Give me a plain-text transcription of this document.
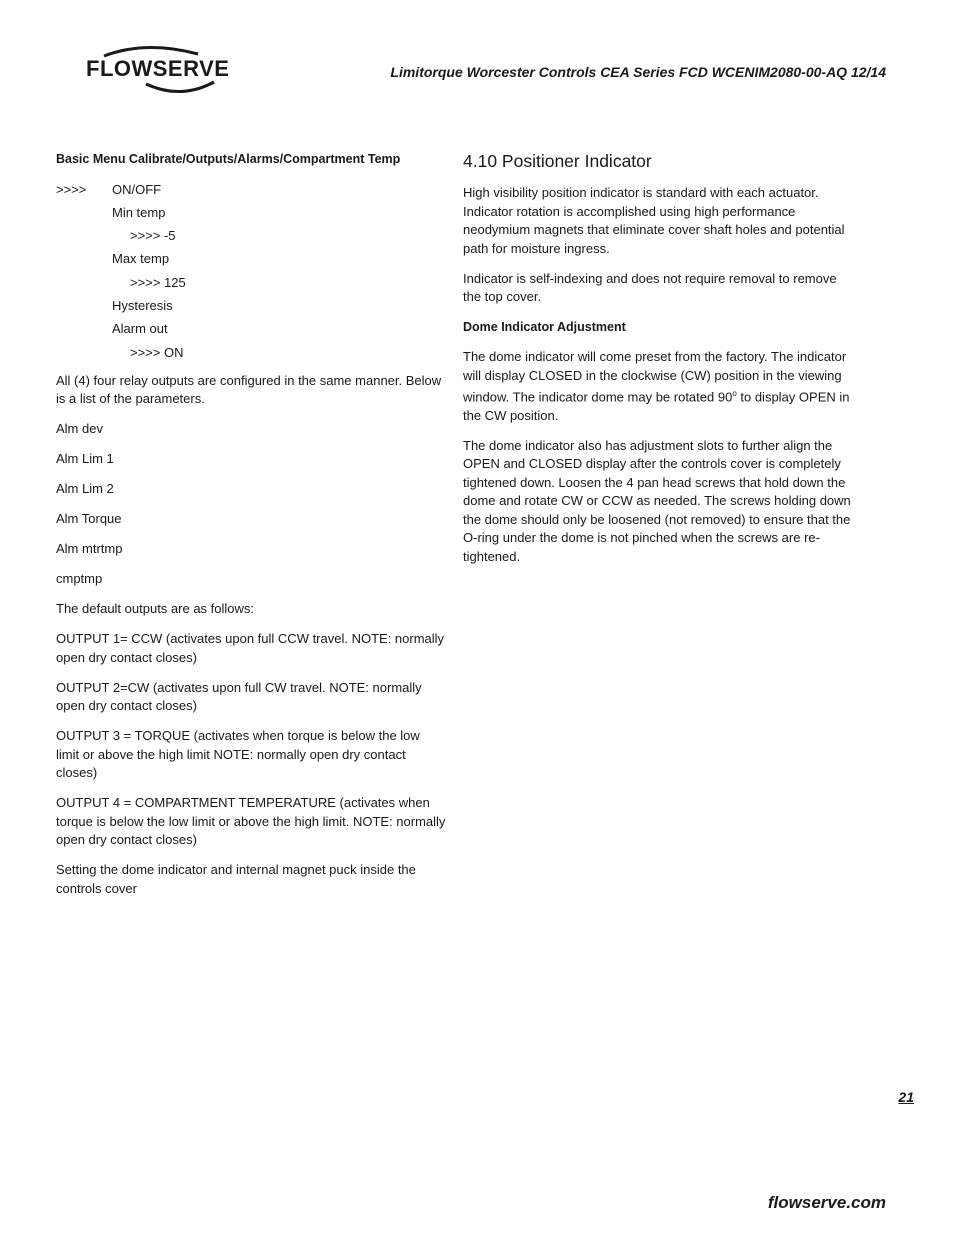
FLOWSERVE	Limitorque Worcester Controls CEA Series FCD WCENIM2080-00-AQ 12/14

Basic Menu Calibrate/Outputs/Alarms/Compartment Temp

>>>> ON/OFF
Min temp
>>>> -5
Max temp
>>>> 125
Hysteresis
Alarm out
>>>> ON

All (4) four relay outputs are configured in the same manner. Below is a list of the parameters.

Alm dev

Alm Lim 1

Alm Lim 2

Alm Torque

Alm mtrtmp

cmptmp

The default outputs are as follows:

OUTPUT 1= CCW (activates upon full CCW travel. NOTE: normally open dry contact closes)

OUTPUT 2=CW (activates upon full CW travel. NOTE: normally open dry contact closes)

OUTPUT 3 = TORQUE (activates when torque is below the low limit or above the high limit NOTE: normally open dry contact closes)

OUTPUT 4 = COMPARTMENT TEMPERATURE (activates when torque is below the low limit or above the high limit. NOTE: normally open dry contact closes)

Setting the dome indicator and internal magnet puck inside the controls cover

4.10 Positioner Indicator

High visibility position indicator is standard with each actuator. Indicator rotation is accomplished using high performance neodymium magnets that eliminate cover shaft holes and potential path for moisture ingress.

Indicator is self-indexing and does not require removal to remove the top cover.

Dome Indicator Adjustment

The dome indicator will come preset from the factory. The indicator will display CLOSED in the clockwise (CW) position in the viewing window. The indicator dome may be rotated 90$^o$ to display OPEN in the CW position.

The dome indicator also has adjustment slots to further align the OPEN and CLOSED display after the controls cover is completely tightened down. Loosen the 4 pan head screws that hold down the dome and rotate CW or CCW as needed. The screws holding down the dome should only be loosened (not removed) to ensure that the O-ring under the dome is not pinched when the screws are re-tightened.

21
flowserve.com
